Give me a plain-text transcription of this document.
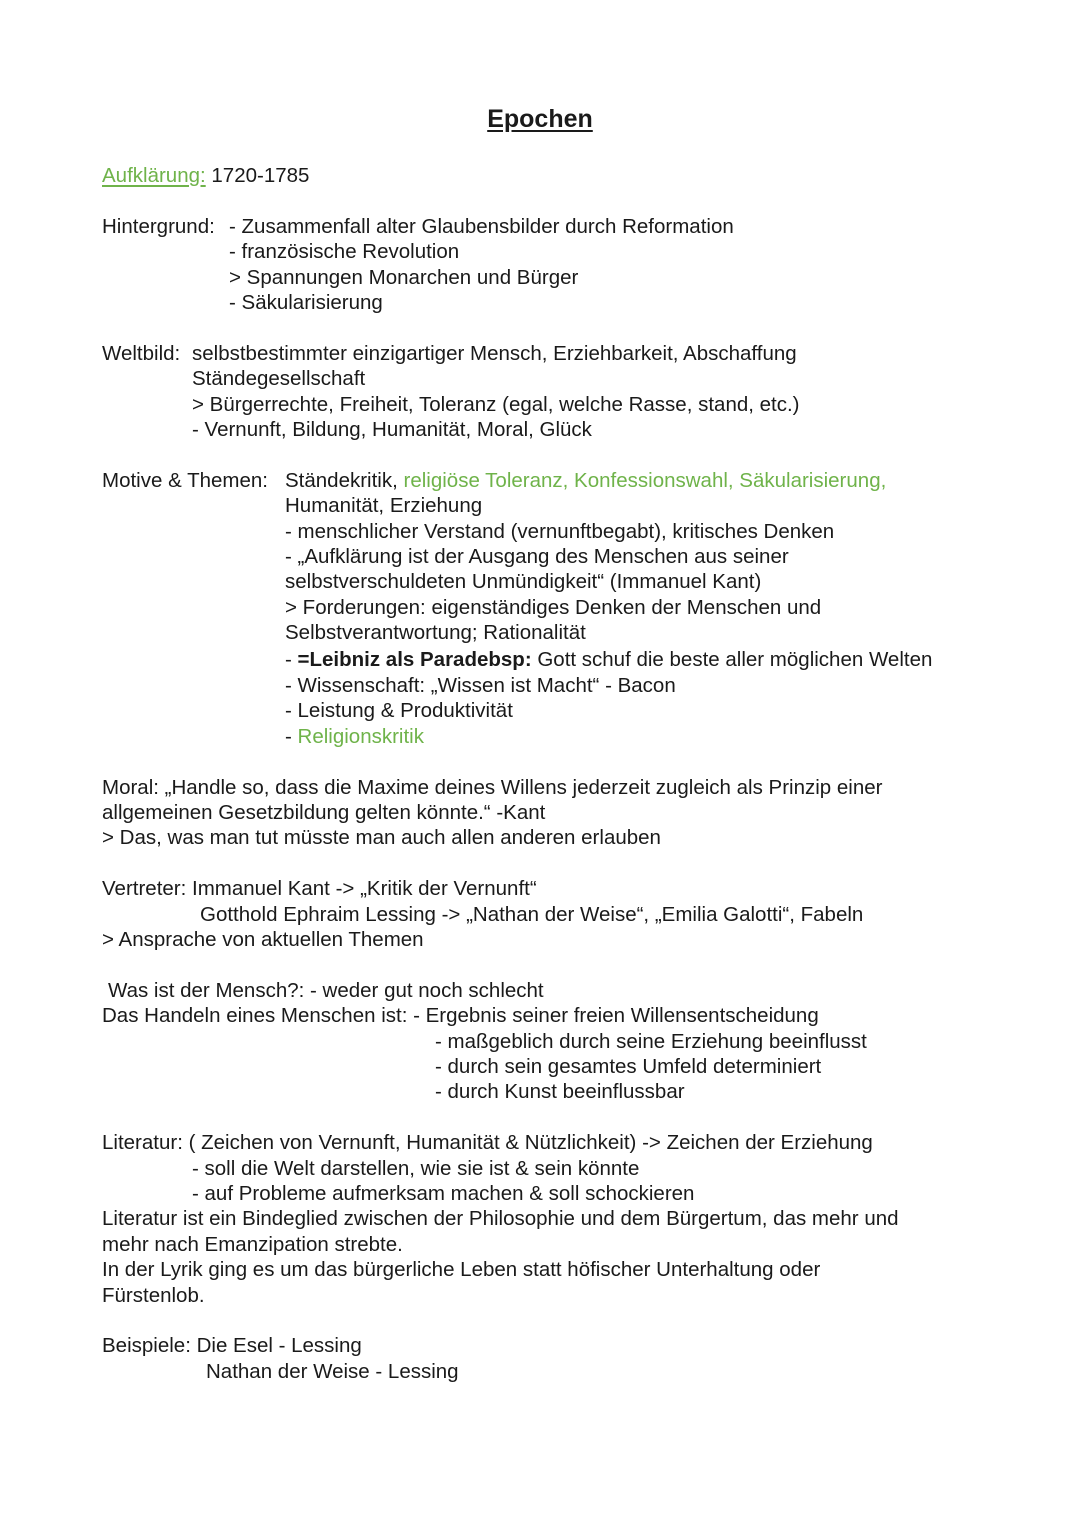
Epochen
Aufklärung: 1720-1785
Hintergrund: - Zusammenfall alter Glaubensbilder durch Reformation
- französische Revolution
> Spannungen Monarchen und Bürger
- Säkularisierung
Weltbild: selbstbestimmter einzigartiger Mensch, Erziehbarkeit, Abschaffung
Ständegesellschaft
> Bürgerrechte, Freiheit, Toleranz (egal, welche Rasse, stand, etc.)
- Vernunft, Bildung, Humanität, Moral, Glück
Motive & Themen: Ständekritik, religiöse Toleranz, Konfessionswahl, Säkularisierung,
Humanität, Erziehung
- menschlicher Verstand (vernunftbegabt), kritisches Denken
- „Aufklärung ist der Ausgang des Menschen aus seiner
selbstverschuldeten Unmündigkeit“ (Immanuel Kant)
> Forderungen: eigenständiges Denken der Menschen und
Selbstverantwortung; Rationalität
- =Leibniz als Paradebsp: Gott schuf die beste aller möglichen Welten
- Wissenschaft: „Wissen ist Macht“ - Bacon
- Leistung & Produktivität
- Religionskritik
Moral: „Handle so, dass die Maxime deines Willens jederzeit zugleich als Prinzip einer
allgemeinen Gesetzbildung gelten könnte.“ -Kant
> Das, was man tut müsste man auch allen anderen erlauben
Vertreter: Immanuel Kant -> „Kritik der Vernunft“
Gotthold Ephraim Lessing -> „Nathan der Weise“, „Emilia Galotti“, Fabeln
> Ansprache von aktuellen Themen
Was ist der Mensch?: - weder gut noch schlecht
Das Handeln eines Menschen ist: - Ergebnis seiner freien Willensentscheidung
- maßgeblich durch seine Erziehung beeinflusst
- durch sein gesamtes Umfeld determiniert
- durch Kunst beeinflussbar
Literatur: ( Zeichen von Vernunft, Humanität & Nützlichkeit) -> Zeichen der Erziehung
- soll die Welt darstellen, wie sie ist & sein könnte
- auf Probleme aufmerksam machen & soll schockieren
Literatur ist ein Bindeglied zwischen der Philosophie und dem Bürgertum, das mehr und
mehr nach Emanzipation strebte.
In der Lyrik ging es um das bürgerliche Leben statt höfischer Unterhaltung oder
Fürstenlob.
Beispiele: Die Esel - Lessing
Nathan der Weise - Lessing
